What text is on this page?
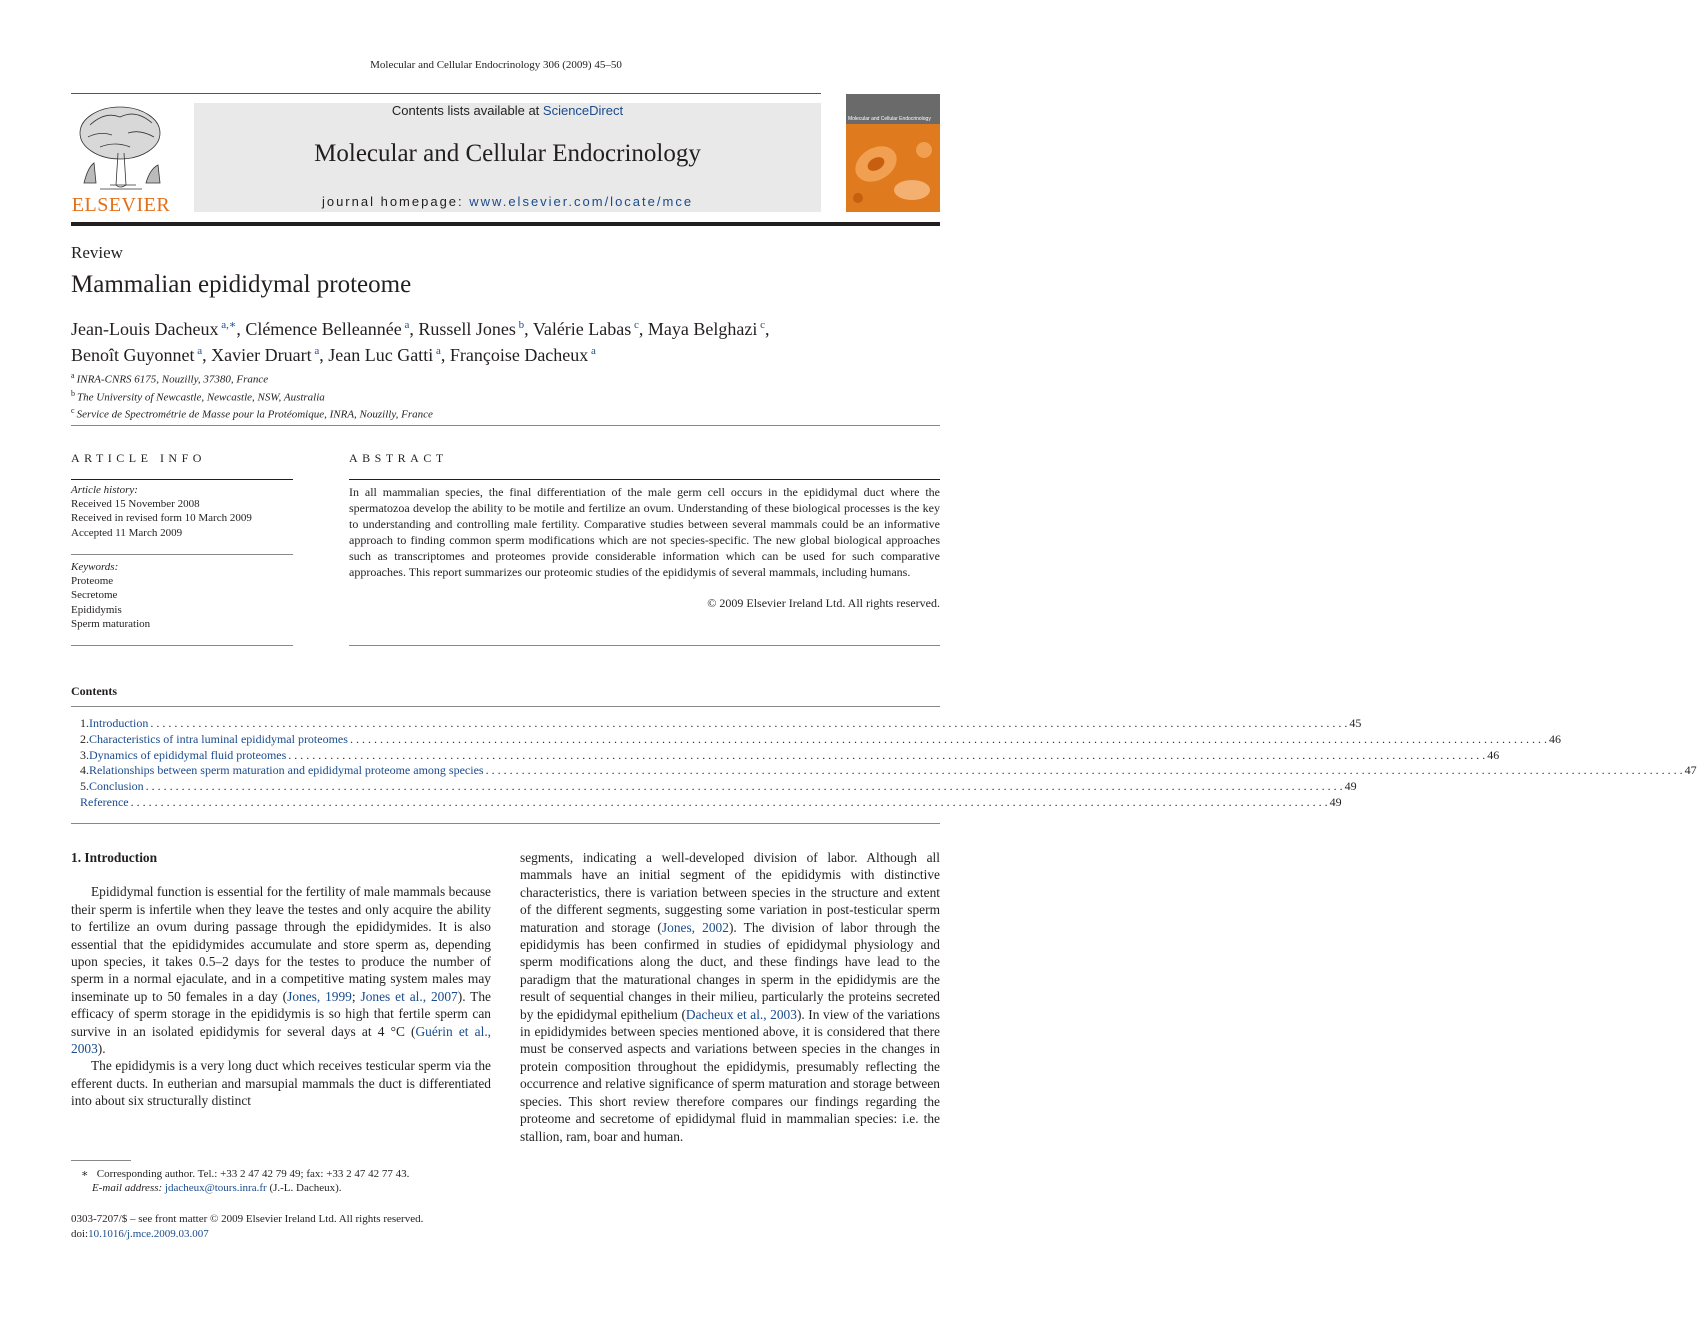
Molecular and Cellular Endocrinology 306 (2009) 45–50
ELSEVIER
Contents lists available at ScienceDirect
Molecular and Cellular Endocrinology
journal homepage: www.elsevier.com/locate/mce
Molecular and Cellular Endocrinology
Review
Mammalian epididymal proteome
Jean-Louis Dacheux $^{a,∗}$, Clémence Belleannée $^a$, Russell Jones $^b$, Valérie Labas $^c$, Maya Belghazi $^c$,
Benoît Guyonnet $^a$, Xavier Druart $^a$, Jean Luc Gatti $^a$, Françoise Dacheux $^a$
$^a$ INRA-CNRS 6175, Nouzilly, 37380, France
$^b$ The University of Newcastle, Newcastle, NSW, Australia
$^c$ Service de Spectrométrie de Masse pour la Protéomique, INRA, Nouzilly, France
ARTICLE INFO
Article history:
Received 15 November 2008
Received in revised form 10 March 2009
Accepted 11 March 2009
Keywords:
Proteome
Secretome
Epididymis
Sperm maturation
ABSTRACT
In all mammalian species, the final differentiation of the male germ cell occurs in the epididymal duct where the spermatozoa develop the ability to be motile and fertilize an ovum. Understanding of these biological processes is the key to understanding and controlling male fertility. Comparative studies between several mammals could be an informative approach to finding common sperm modifications which are not species-specific. The new global biological approaches such as transcriptomes and proteomes provide considerable information which can be used for such comparative approaches. This report summarizes our proteomic studies of the epididymis of several mammals, including humans.
© 2009 Elsevier Ireland Ltd. All rights reserved.
Contents
1. Introduction . . . . . . . . . . . . . . . . . . . . . . . . . . . . . . . . . . . . . . . . . . . . . . . . . . . . . . . . . . . . . . . . . . . . . . . . . . . . . . . . . . . . . . . . . . . . . . . . . . . . . . . . . . . . . . . . . . . . . . . . . . . . . . . . . . . . . . . . . . . . . . . . . . . . . . . . . . . . . . . . . . . . . . . . . . . . . . . . . . . . . . . . . . . . . . . . . . . . . . . . 45
2. Characteristics of intra luminal epididymal proteomes . . . . . . . . . . . . . . . . . . . . . . . . . . . . . . . . . . . . . . . . . . . . . . . . . . . . . . . . . . . . . . . . . . . . . . . . . . . . . . . . . . . . . . . . . . . . . . . . . . . . . . . . . . . . . . . . . . . . . . . . . . . . . . . . . . . . . . . . . . . . . . . . . . . . . . . . . . . . . . . . . . . . . . . . . . . . . . . . . . . . . . . . . . . . . . . . . . . . . . . . 46
3. Dynamics of epididymal fluid proteomes . . . . . . . . . . . . . . . . . . . . . . . . . . . . . . . . . . . . . . . . . . . . . . . . . . . . . . . . . . . . . . . . . . . . . . . . . . . . . . . . . . . . . . . . . . . . . . . . . . . . . . . . . . . . . . . . . . . . . . . . . . . . . . . . . . . . . . . . . . . . . . . . . . . . . . . . . . . . . . . . . . . . . . . . . . . . . . . . . . . . . . . . . . . . . . . . . . . . . . . . 46
4. Relationships between sperm maturation and epididymal proteome among species . . . . . . . . . . . . . . . . . . . . . . . . . . . . . . . . . . . . . . . . . . . . . . . . . . . . . . . . . . . . . . . . . . . . . . . . . . . . . . . . . . . . . . . . . . . . . . . . . . . . . . . . . . . . . . . . . . . . . . . . . . . . . . . . . . . . . . . . . . . . . . . . . . . . . . . . . . . . . . . . . . . . . . . . . . . . . . . . . . . . . . . . . . . . . . . . . . . . . . . . 47
5. Conclusion . . . . . . . . . . . . . . . . . . . . . . . . . . . . . . . . . . . . . . . . . . . . . . . . . . . . . . . . . . . . . . . . . . . . . . . . . . . . . . . . . . . . . . . . . . . . . . . . . . . . . . . . . . . . . . . . . . . . . . . . . . . . . . . . . . . . . . . . . . . . . . . . . . . . . . . . . . . . . . . . . . . . . . . . . . . . . . . . . . . . . . . . . . . . . . . . . . . . . . . . 49
Reference . . . . . . . . . . . . . . . . . . . . . . . . . . . . . . . . . . . . . . . . . . . . . . . . . . . . . . . . . . . . . . . . . . . . . . . . . . . . . . . . . . . . . . . . . . . . . . . . . . . . . . . . . . . . . . . . . . . . . . . . . . . . . . . . . . . . . . . . . . . . . . . . . . . . . . . . . . . . . . . . . . . . . . . . . . . . . . . . . . . . . . . . . . . . . . . . . . . . . . . . 49
1. Introduction

Epididymal function is essential for the fertility of male mammals because their sperm is infertile when they leave the testes and only acquire the ability to fertilize an ovum during passage through the epididymides. It is also essential that the epididymides accumulate and store sperm as, depending upon species, it takes 0.5–2 days for the testes to produce the number of sperm in a normal ejaculate, and in a competitive mating system males may inseminate up to 50 females in a day (Jones, 1999; Jones et al., 2007). The efficacy of sperm storage in the epididymis is so high that fertile sperm can survive in an isolated epididymis for several days at 4 °C (Guérin et al., 2003).

The epididymis is a very long duct which receives testicular sperm via the efferent ducts. In eutherian and marsupial mammals the duct is differentiated into about six structurally distinct

segments, indicating a well-developed division of labor. Although all mammals have an initial segment of the epididymis with distinctive characteristics, there is variation between species in the structure and extent of the different segments, suggesting some variation in post-testicular sperm maturation and storage (Jones, 2002). The division of labor through the epididymis has been confirmed in studies of epididymal physiology and sperm modifications along the duct, and these findings have lead to the paradigm that the maturational changes in sperm in the epididymis are the result of sequential changes in their milieu, particularly the proteins secreted by the epididymal epithelium (Dacheux et al., 2003). In view of the variations in epididymides between species mentioned above, it is considered that there must be conserved aspects and variations between species in the changes in protein composition throughout the epididymis, presumably reflecting the occurrence and relative significance of sperm maturation and storage between species. This short review therefore compares our findings regarding the proteome and secretome of epididymal fluid in mammalian species: i.e. the stallion, ram, boar and human.

∗ Corresponding author. Tel.: +33 2 47 42 79 49; fax: +33 2 47 42 77 43.
E-mail address: jdacheux@tours.inra.fr (J.-L. Dacheux).
0303-7207/$ – see front matter © 2009 Elsevier Ireland Ltd. All rights reserved.
doi:10.1016/j.mce.2009.03.007
